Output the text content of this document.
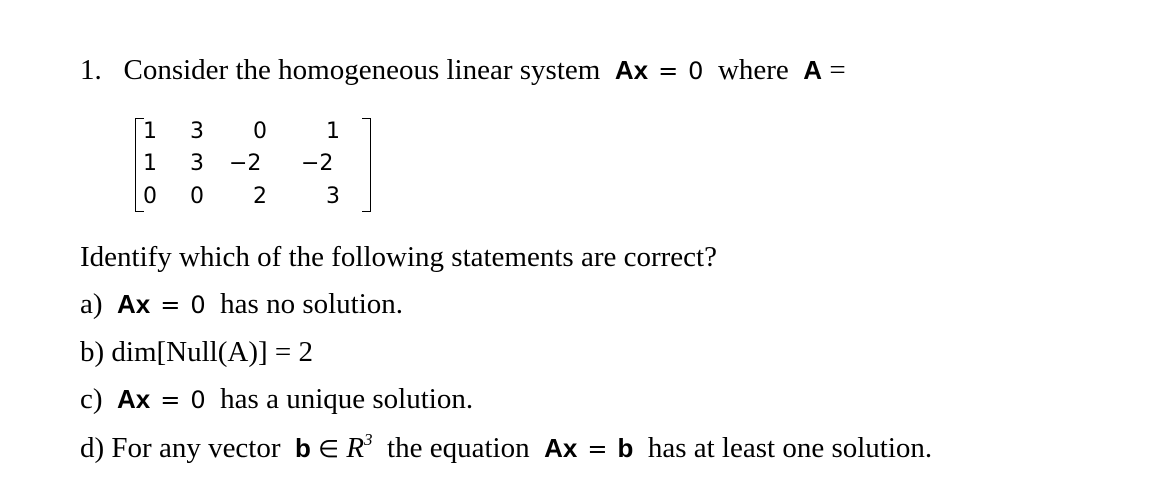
1. Consider the homogeneous linear system Ax = 0 where A =
1 3 0	1
1 3 −2 −2
0 0 2	3
Identify which of the following statements are correct?
a) Ax = 0 has no solution.
b) dim[Null(A)] = 2
c) Ax = 0 has a unique solution.
d) For any vector b ∈ $R^3$ the equation Ax = b has at least one solution.
